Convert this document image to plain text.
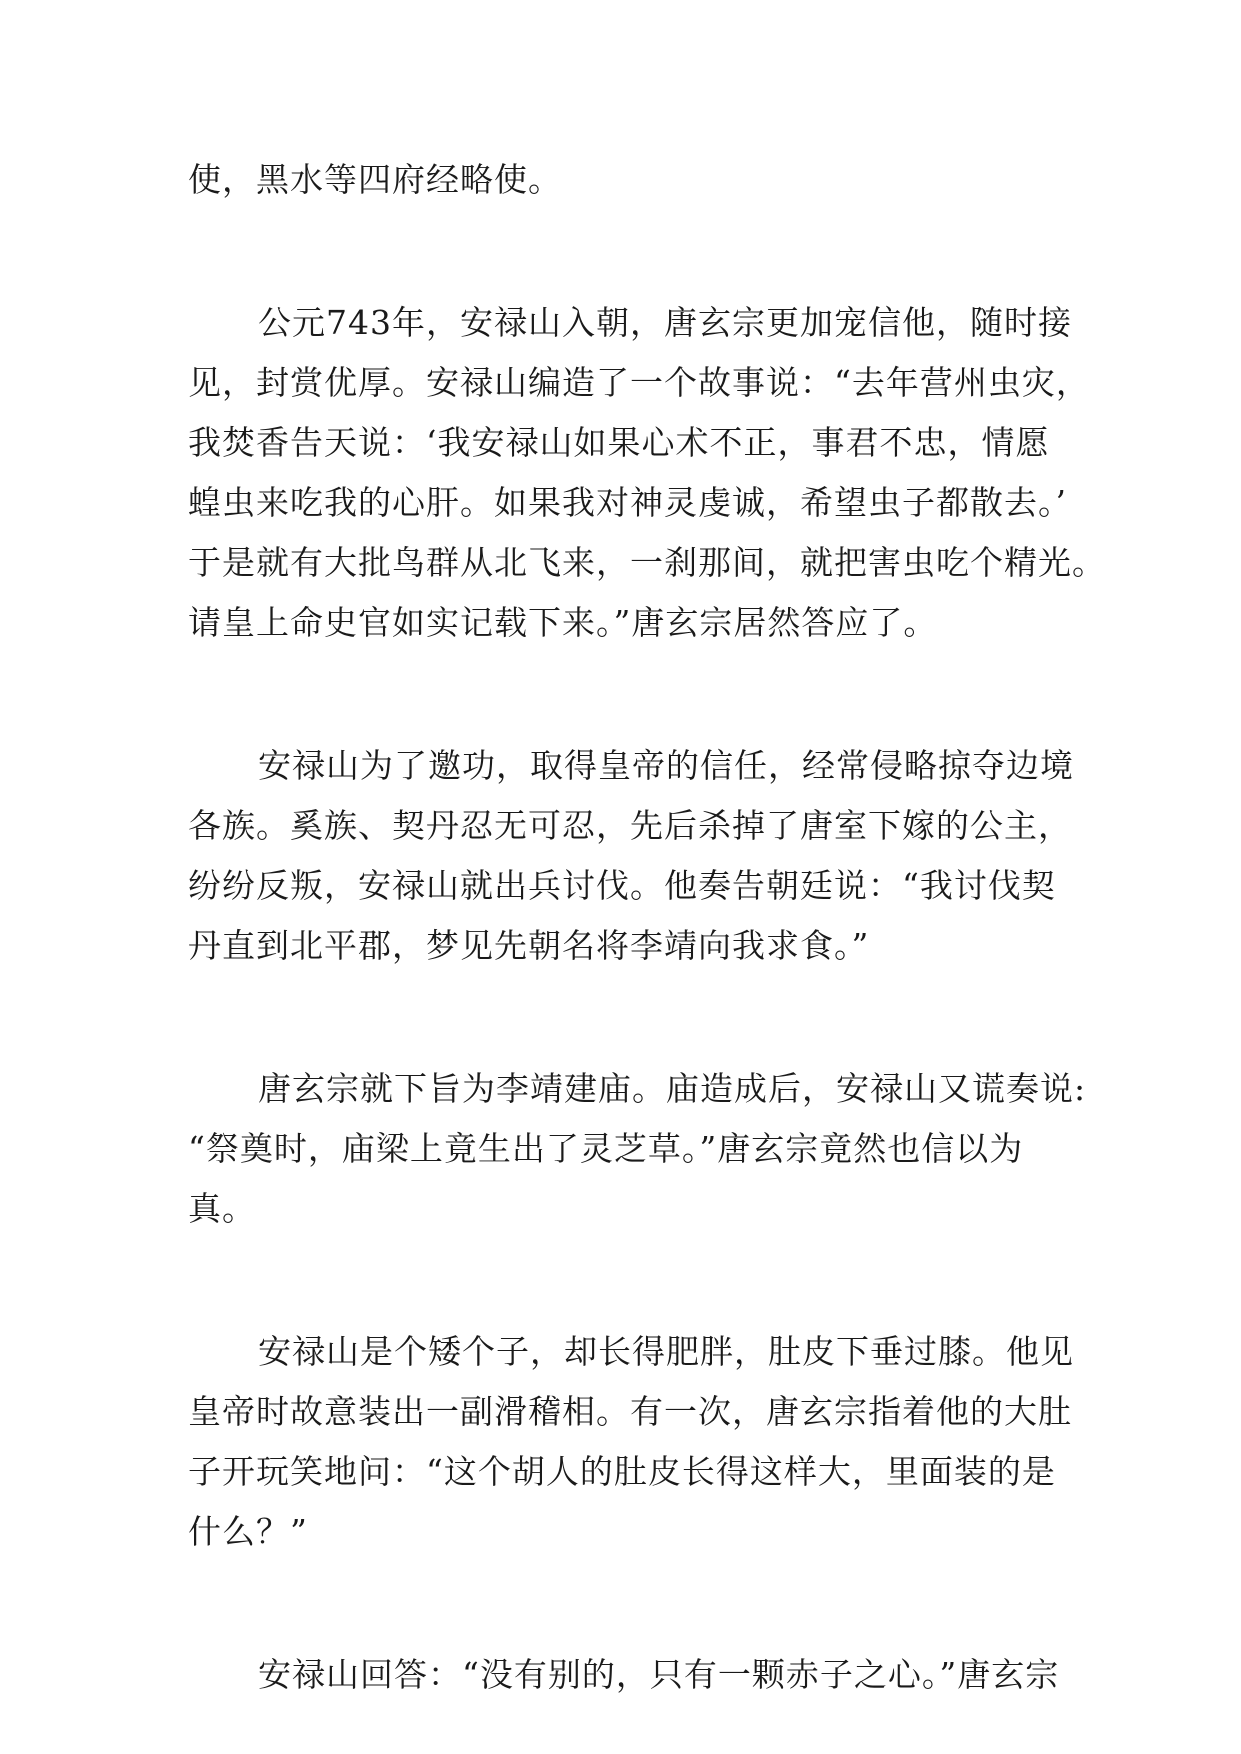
使，黑水等四府经略使。
公元743年，安禄山入朝，唐玄宗更加宠信他，随时接
见，封赏优厚。安禄山编造了一个故事说：“去年营州虫灾，
我焚香告天说：‘我安禄山如果心术不正，事君不忠，情愿
蝗虫来吃我的心肝。如果我对神灵虔诚，希望虫子都散去。’
于是就有大批鸟群从北飞来，一刹那间，就把害虫吃个精光。
请皇上命史官如实记载下来。”唐玄宗居然答应了。
安禄山为了邀功，取得皇帝的信任，经常侵略掠夺边境
各族。奚族、契丹忍无可忍，先后杀掉了唐室下嫁的公主，
纷纷反叛，安禄山就出兵讨伐。他奏告朝廷说：“我讨伐契
丹直到北平郡，梦见先朝名将李靖向我求食。”
唐玄宗就下旨为李靖建庙。庙造成后，安禄山又谎奏说:
“祭奠时，庙梁上竟生出了灵芝草。”唐玄宗竟然也信以为
真。
安禄山是个矮个子，却长得肥胖，肚皮下垂过膝。他见
皇帝时故意装出一副滑稽相。有一次，唐玄宗指着他的大肚
子开玩笑地问：“这个胡人的肚皮长得这样大，里面装的是
什么？”
安禄山回答：“没有别的，只有一颗赤子之心。”唐玄宗
